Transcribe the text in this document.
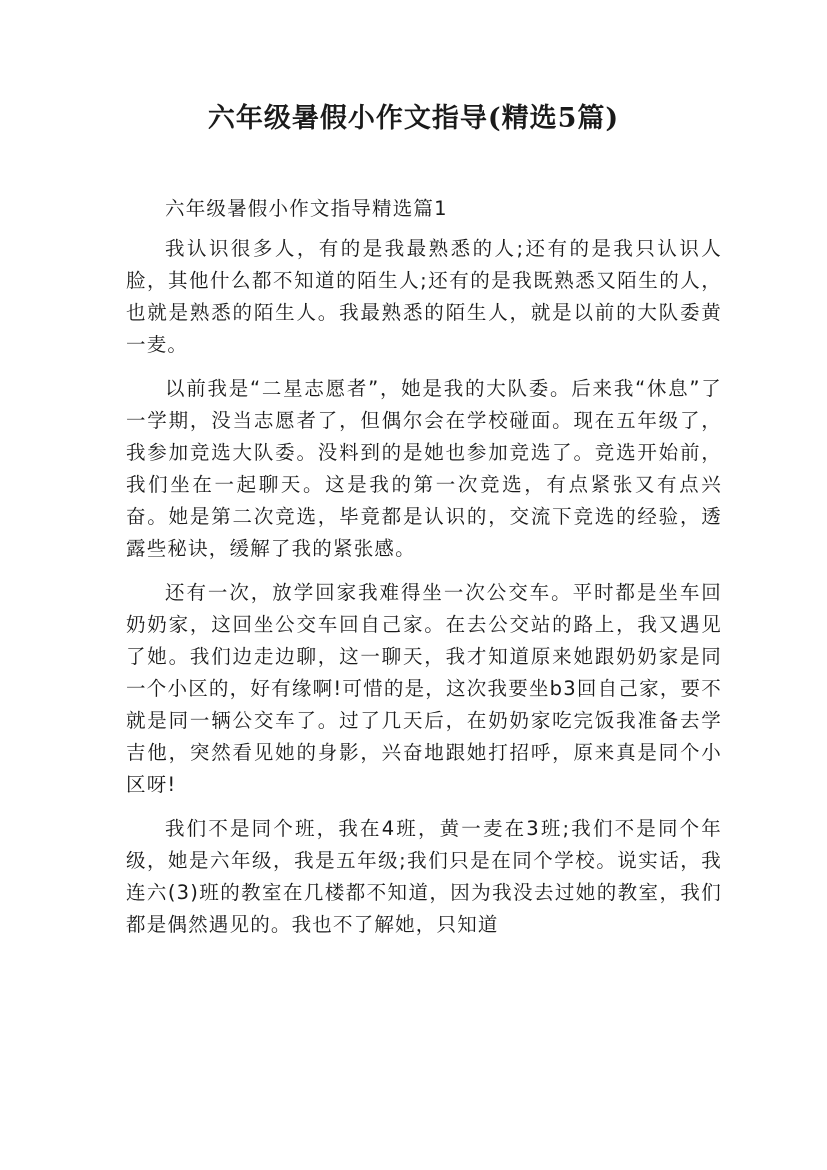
六年级暑假小作文指导(精选5篇)

六年级暑假小作文指导精选篇1

我认识很多人，有的是我最熟悉的人;还有的是我只认识人脸，其他什么都不知道的陌生人;还有的是我既熟悉又陌生的人，也就是熟悉的陌生人。我最熟悉的陌生人，就是以前的大队委黄一麦。

以前我是“二星志愿者”，她是我的大队委。后来我“休息”了一学期，没当志愿者了，但偶尔会在学校碰面。现在五年级了，我参加竞选大队委。没料到的是她也参加竞选了。竞选开始前，我们坐在一起聊天。这是我的第一次竞选，有点紧张又有点兴奋。她是第二次竞选，毕竟都是认识的，交流下竞选的经验，透露些秘诀，缓解了我的紧张感。

还有一次，放学回家我难得坐一次公交车。平时都是坐车回奶奶家，这回坐公交车回自己家。在去公交站的路上，我又遇见了她。我们边走边聊，这一聊天，我才知道原来她跟奶奶家是同一个小区的，好有缘啊!可惜的是，这次我要坐b3回自己家，要不就是同一辆公交车了。过了几天后，在奶奶家吃完饭我准备去学吉他，突然看见她的身影，兴奋地跟她打招呼，原来真是同个小区呀!

我们不是同个班，我在4班，黄一麦在3班;我们不是同个年级，她是六年级，我是五年级;我们只是在同个学校。说实话，我连六(3)班的教室在几楼都不知道，因为我没去过她的教室，我们都是偶然遇见的。我也不了解她，只知道
